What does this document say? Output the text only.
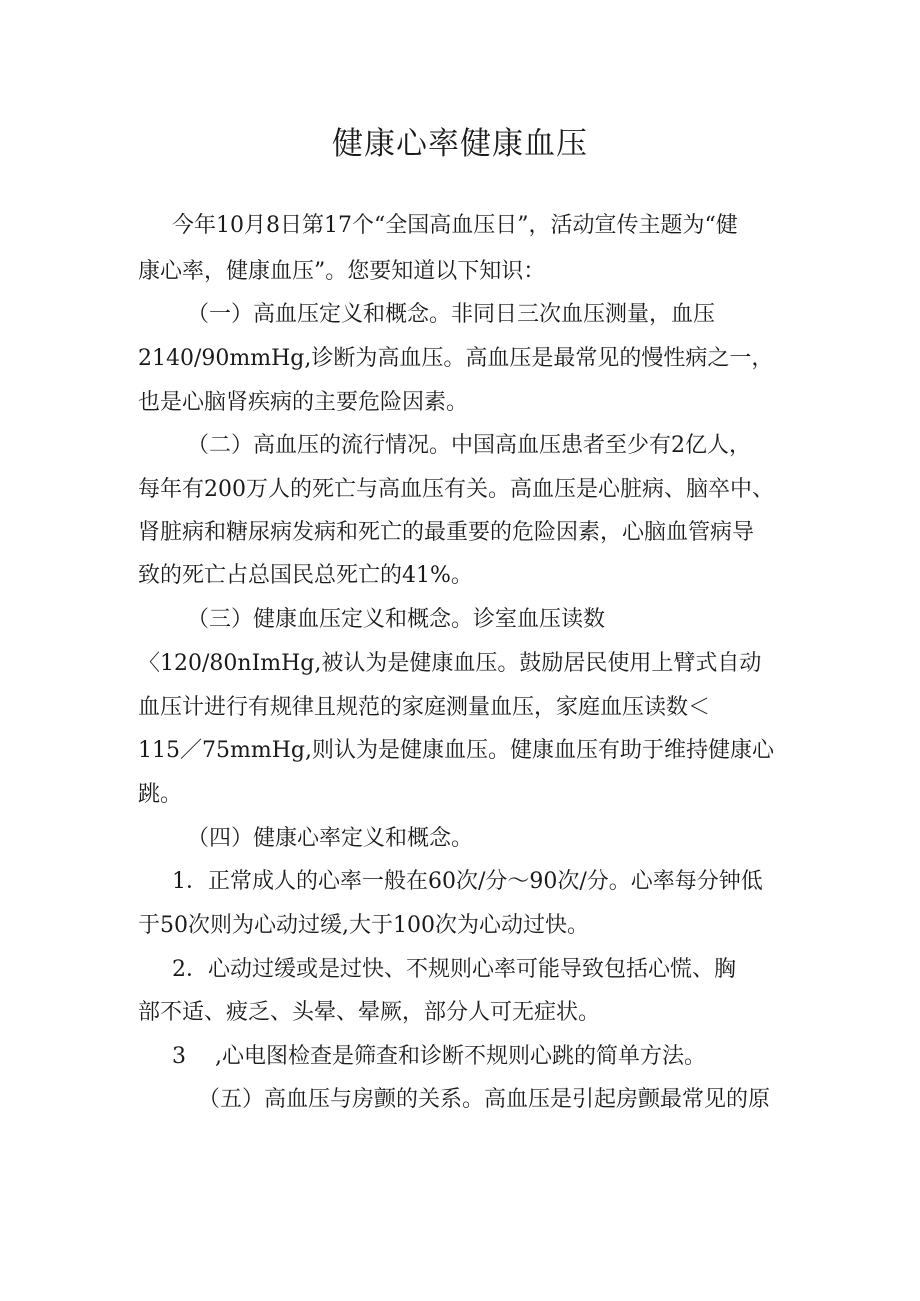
健康心率健康血压

今年10月8日第17个“全国高血压日”，活动宣传主题为“健

康心率，健康血压”。您要知道以下知识：

（一）高血压定义和概念。非同日三次血压测量，血压

2140/90mmHg,诊断为高血压。高血压是最常见的慢性病之一，

也是心脑肾疾病的主要危险因素。

（二）高血压的流行情况。中国高血压患者至少有2亿人，

每年有200万人的死亡与高血压有关。高血压是心脏病、脑卒中、

肾脏病和糖尿病发病和死亡的最重要的危险因素，心脑血管病导

致的死亡占总国民总死亡的41%。

（三）健康血压定义和概念。诊室血压读数

〈120/80nImHg,被认为是健康血压。鼓励居民使用上臂式自动

血压计进行有规律且规范的家庭测量血压，家庭血压读数＜

115／75mmHg,则认为是健康血压。健康血压有助于维持健康心

跳。

（四）健康心率定义和概念。

1．正常成人的心率一般在60次/分～90次/分。心率每分钟低

于50次则为心动过缓,大于100次为心动过快。

2．心动过缓或是过快、不规则心率可能导致包括心慌、胸

部不适、疲乏、头晕、晕厥，部分人可无症状。

3　 ,心电图检查是筛查和诊断不规则心跳的简单方法。

（五）高血压与房颤的关系。高血压是引起房颤最常见的原
